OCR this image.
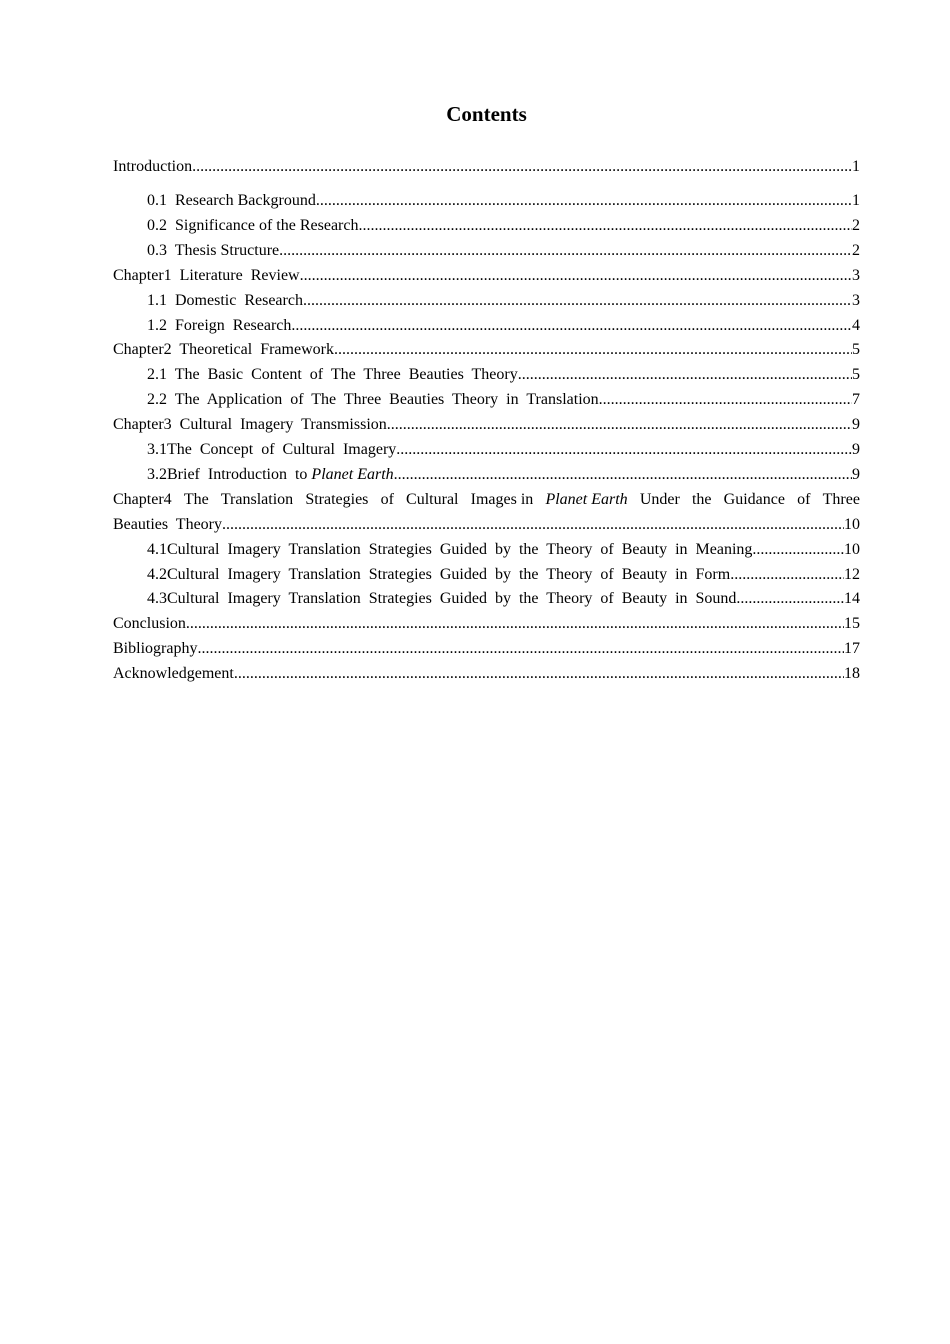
Contents
Introduction .....	1
0.1  Research Background .....	1
0.2  Significance of the Research .....	2
0.3  Thesis Structure .....	2
Chapter1  Literature  Review .....	3
1.1  Domestic  Research .....	3
1.2  Foreign  Research .....	4
Chapter2  Theoretical  Framework .....	5
2.1  The  Basic  Content  of  The  Three  Beauties  Theory .....	5
2.2  The  Application  of  The  Three  Beauties  Theory  in  Translation .....	7
Chapter3  Cultural  Imagery  Transmission .....	9
3.1The  Concept  of  Cultural  Imagery .....	9
3.2Brief  Introduction  to Planet Earth .....	9
Chapter4 The Translation Strategies of Cultural Images in Planet Earth Under the Guidance of Three
Beauties  Theory .....	10
4.1Cultural  Imagery  Translation  Strategies  Guided  by  the  Theory  of  Beauty  in  Meaning .....	10
4.2Cultural  Imagery  Translation  Strategies  Guided  by  the  Theory  of  Beauty  in  Form .....	12
4.3Cultural  Imagery  Translation  Strategies  Guided  by  the  Theory  of  Beauty  in  Sound .....	14
Conclusion .....	15
Bibliography .....	17
Acknowledgement .....	18
